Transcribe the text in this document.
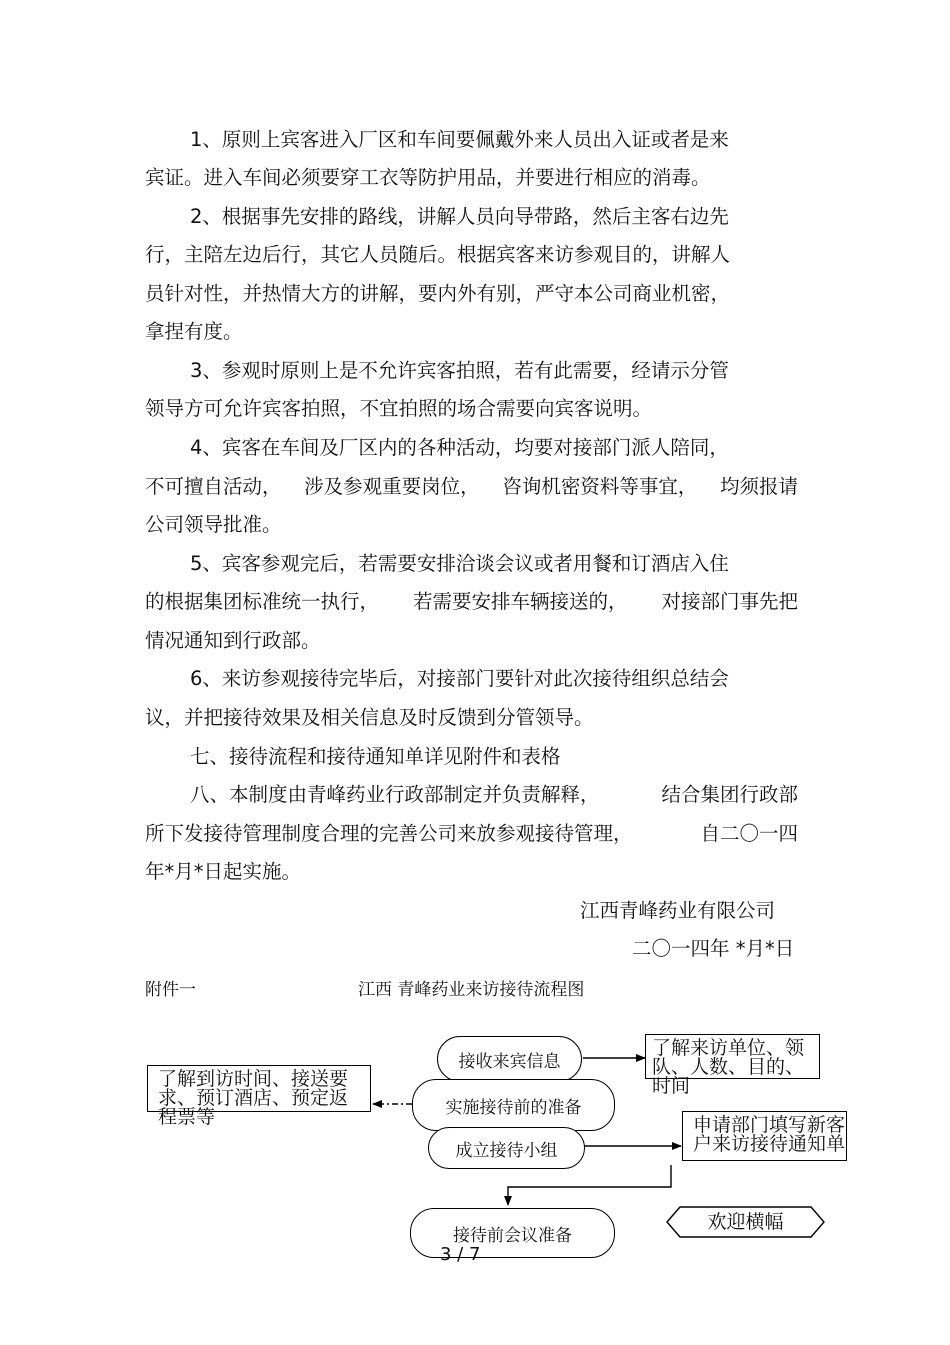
1、原则上宾客进入厂区和车间要佩戴外来人员出入证或者是来
宾证。进入车间必须要穿工衣等防护用品，并要进行相应的消毒。
2、根据事先安排的路线，讲解人员向导带路，然后主客右边先
行，主陪左边后行，其它人员随后。根据宾客来访参观目的，讲解人
员针对性，并热情大方的讲解，要内外有别，严守本公司商业机密，
拿捏有度。
3、参观时原则上是不允许宾客拍照，若有此需要，经请示分管
领导方可允许宾客拍照，不宜拍照的场合需要向宾客说明。
4、宾客在车间及厂区内的各种活动，均要对接部门派人陪同，
不可擅自活动， 涉及参观重要岗位， 咨询机密资料等事宜， 均须报请
公司领导批准。
5、宾客参观完后，若需要安排洽谈会议或者用餐和订酒店入住
的根据集团标准统一执行， 若需要安排车辆接送的， 对接部门事先把
情况通知到行政部。
6、来访参观接待完毕后，对接部门要针对此次接待组织总结会
议，并把接待效果及相关信息及时反馈到分管领导。
七、接待流程和接待通知单详见附件和表格
八、本制度由青峰药业行政部制定并负责解释，	结合集团行政部
所下发接待管理制度合理的完善公司来放参观接待管理，	自二〇一四
年*月*日起实施。
江西青峰药业有限公司
二〇一四年 *月*日
附件一	江西 青峰药业来访接待流程图
接收来宾信息
实施接待前的准备
成立接待小组
接待前会议准备
了解来访单位、领队、人数、目的、时间
了解到访时间、接送要求、预订酒店、预定返程票等	申请部门填写新客户来访接待通知单
欢迎横幅
3 / 7
